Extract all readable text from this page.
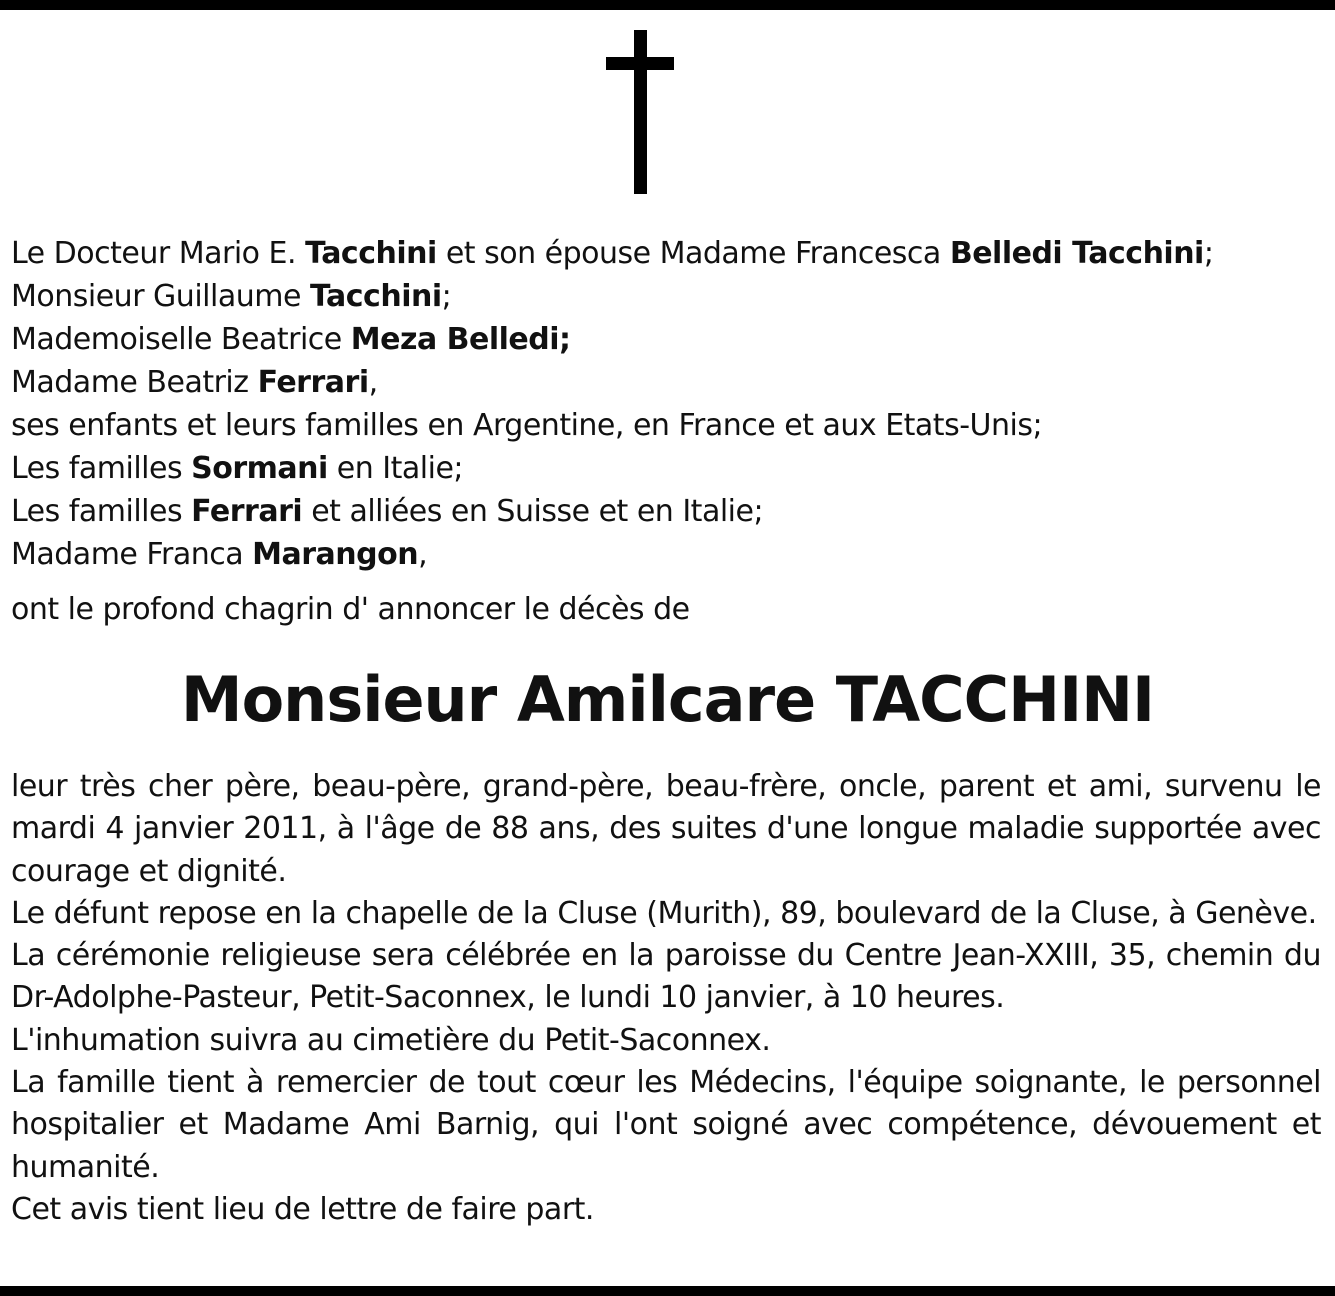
Le Docteur Mario E. Tacchini et son épouse Madame Francesca Belledi Tacchini;
Monsieur Guillaume Tacchini;
Mademoiselle Beatrice Meza Belledi;
Madame Beatriz Ferrari,
ses enfants et leurs familles en Argentine, en France et aux Etats-Unis;
Les familles Sormani en Italie;
Les familles Ferrari et alliées en Suisse et en Italie;
Madame Franca Marangon,
ont le profond chagrin d' annoncer le décès de
Monsieur Amilcare TACCHINI

leur très cher père, beau-père, grand-père, beau-frère, oncle, parent et ami, survenu le mardi 4 janvier 2011, à l'âge de 88 ans, des suites d'une longue maladie supportée avec courage et dignité.

Le défunt repose en la chapelle de la Cluse (Murith), 89, boulevard de la Cluse, à Genève.

La cérémonie religieuse sera célébrée en la paroisse du Centre Jean-XXIII, 35, chemin du Dr-Adolphe-Pasteur, Petit-Saconnex, le lundi 10 janvier, à 10 heures.

L'inhumation suivra au cimetière du Petit-Saconnex.

La famille tient à remercier de tout cœur les Médecins, l'équipe soignante, le personnel hospitalier et Madame Ami Barnig, qui l'ont soigné avec compétence, dévouement et humanité.

Cet avis tient lieu de lettre de faire part.
